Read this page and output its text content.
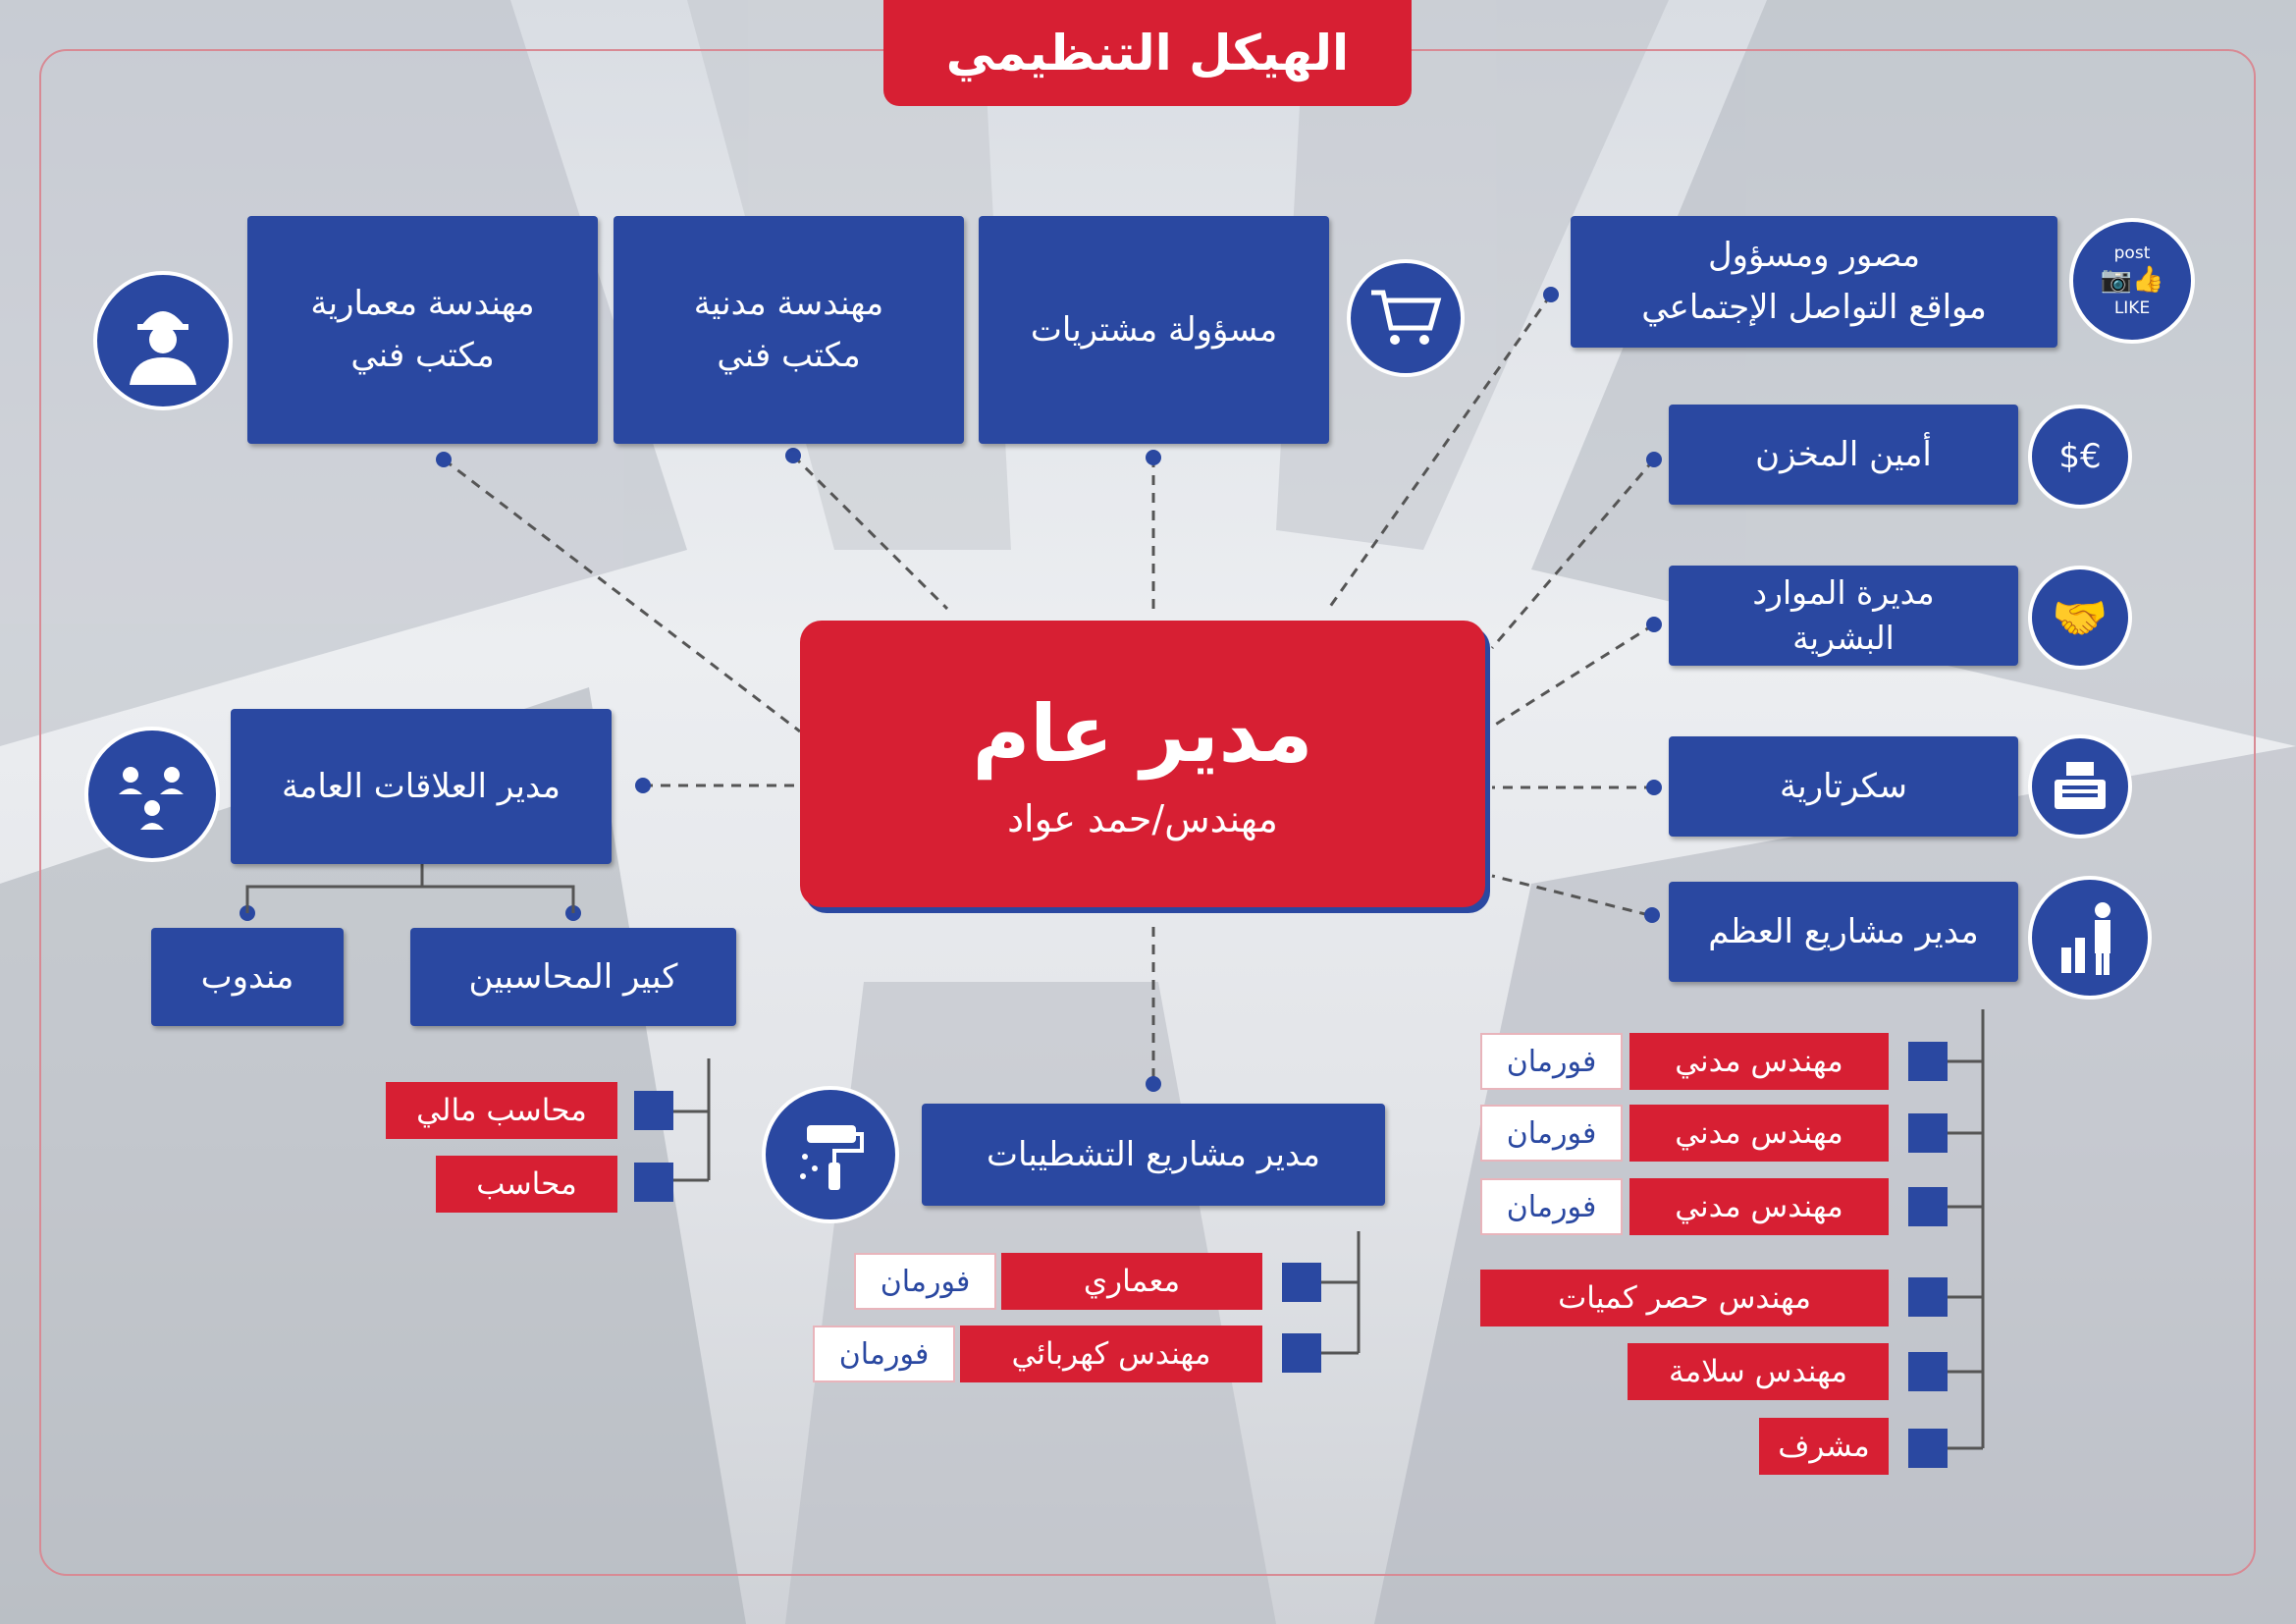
الهيكل التنظيمي
مهندسة معمارية
مكتب فني
مهندسة مدنية
مكتب فني
مسؤولة مشتريات
مصور ومسؤول
مواقع التواصل الإجتماعي
post
📷👍
LIKE
أمين المخزن	$€
مديرة الموارد
البشرية	🤝
سكرتارية
مدير مشاريع العظم
مدير عام
مهندس/حمد عواد
مدير العلاقات العامة
كبير المحاسبين
مندوب
محاسب مالي
محاسب
مدير مشاريع التشطيبات
معماري
فورمان
مهندس كهربائي
فورمان
مهندس مدني
فورمان
مهندس مدني
فورمان
مهندس مدني
فورمان
مهندس حصر كميات
مهندس سلامة
مشرف
